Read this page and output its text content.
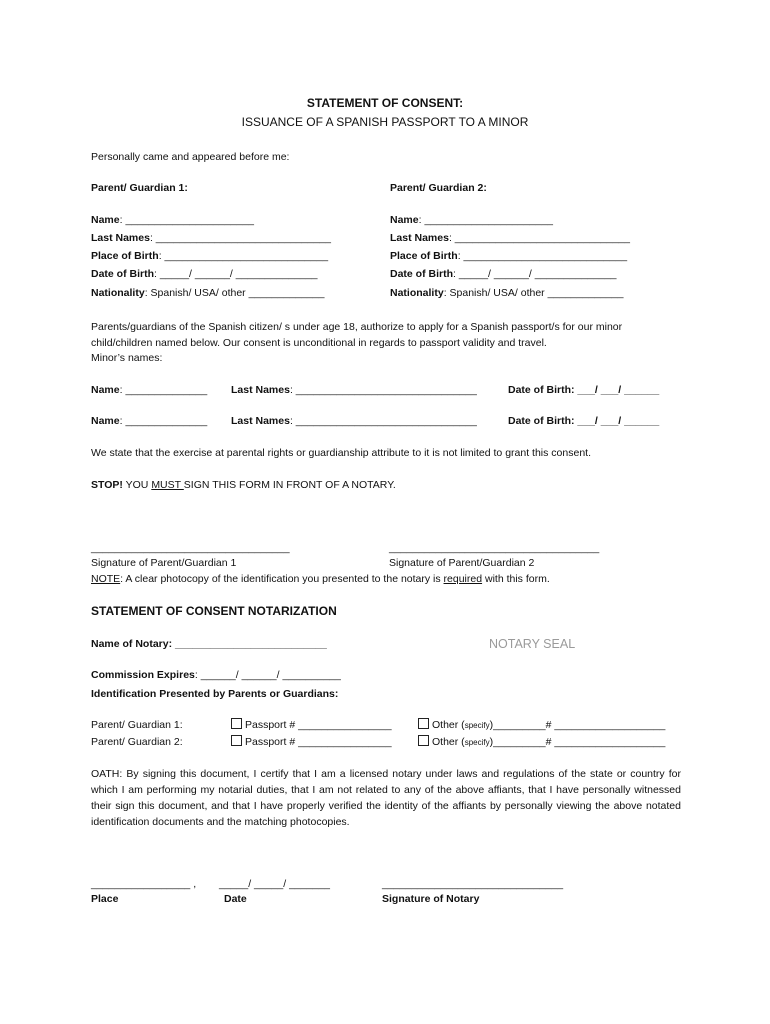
STATEMENT OF CONSENT:
ISSUANCE OF A SPANISH PASSPORT TO A MINOR
Personally came and appeared before me:
Parent/ Guardian 1:
Name: ______________________
Last Names: ______________________________
Place of Birth: ____________________________
Date of Birth: _____/ ______/ ______________
Nationality: Spanish/ USA/ other _____________
Parent/ Guardian 2:
Name: ______________________
Last Names: ______________________________
Place of Birth: ____________________________
Date of Birth: _____/ ______/ ______________
Nationality: Spanish/ USA/ other _____________
Parents/guardians of the Spanish citizen/ s under age 18, authorize to apply for a Spanish passport/s for our minor child/children named below. Our consent is unconditional in regards to passport validity and travel.
Minor’s names:
Name: ______________ Last Names: _______________________________	Date of Birth: ___/ ___/ ______
Name: ______________ Last Names: _______________________________	Date of Birth: ___/ ___/ ______
We state that the exercise at parental rights or guardianship attribute to it is not limited to grant this consent.
STOP! YOU MUST SIGN THIS FORM IN FRONT OF A NOTARY.
__________________________________	____________________________________
Signature of Parent/Guardian 1	Signature of Parent/Guardian 2
NOTE: A clear photocopy of the identification you presented to the notary is required with this form.
STATEMENT OF CONSENT NOTARIZATION
Name of Notary: __________________________	NOTARY SEAL
Commission Expires: ______/ ______/ __________
Identification Presented by Parents or Guardians:
Parent/ Guardian 1:	Passport # ________________	Other (specify)_________# ___________________
Parent/ Guardian 2:	Passport # ________________	Other (specify)_________# ___________________
OATH: By signing this document, I certify that I am a licensed notary under laws and regulations of the state or country for which I am performing my notarial duties, that I am not related to any of the above affiants, that I have personally witnessed their sign this document, and that I have properly verified the identity of the affiants by personally viewing the above notated identification documents and the matching photocopies.
_________________ , _____/ _____/ _______	_______________________________
Place	Date	Signature of Notary
